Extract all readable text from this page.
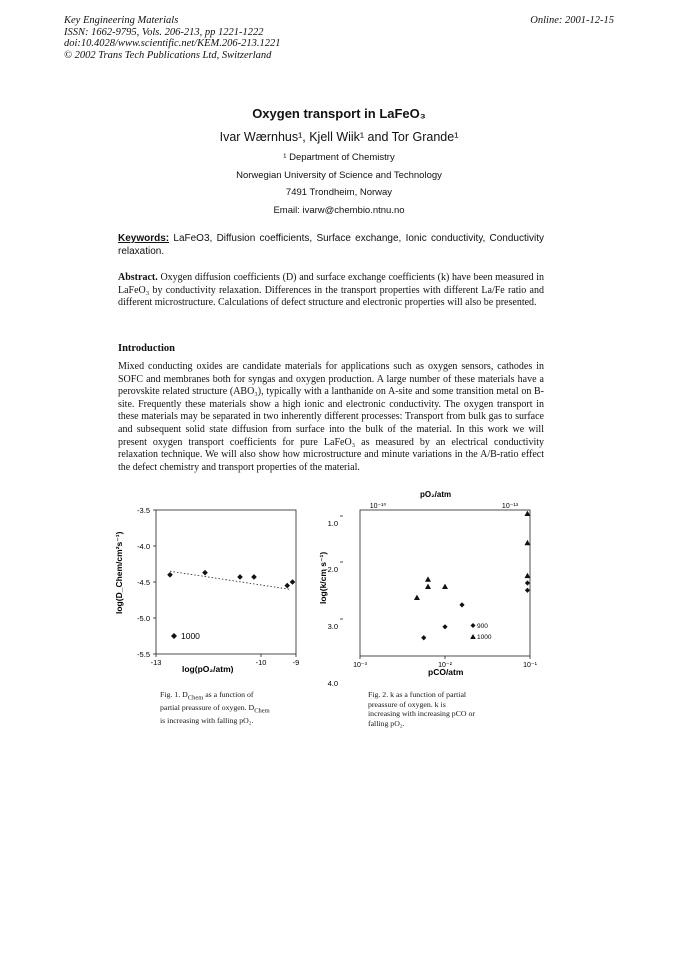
Key Engineering Materials
ISSN: 1662-9795, Vols. 206-213, pp 1221-1222
doi:10.4028/www.scientific.net/KEM.206-213.1221
© 2002 Trans Tech Publications Ltd, Switzerland
Online: 2001-12-15
Oxygen transport in LaFeO₃
Ivar Wærnhus¹, Kjell Wiik¹ and Tor Grande¹
¹ Department of Chemistry
Norwegian University of Science and Technology
7491 Trondheim, Norway
Email: ivarw@chembio.ntnu.no
Keywords: LaFeO3, Diffusion coefficients, Surface exchange, Ionic conductivity, Conductivity relaxation.
Abstract. Oxygen diffusion coefficients (D) and surface exchange coefficients (k) have been measured in LaFeO₃ by conductivity relaxation. Differences in the transport properties with different La/Fe ratio and different microstructure. Calculations of defect structure and electronic properties will also be presented.
Introduction
Mixed conducting oxides are candidate materials for applications such as oxygen sensors, cathodes in SOFC and membranes both for syngas and oxygen production. A large number of these materials have a perovskite related structure (ABO₃), typically with a lanthanide on A-site and some transition metal on B-site. Frequently these materials show a high ionic and electronic conductivity. The oxygen transport in these materials may be separated in two inherently different processes: Transport from bulk gas to surface and subsequent solid state diffusion from surface into the bulk of the material. In this work we will present oxygen transport coefficients for pure LaFeO₃ as measured by an electrical conductivity relaxation technique. We will also show how microstructure and minute variations in the A/B-ratio effect the defect chemistry and transport properties of the material.
-3.5
-4.0
-4.5
-5.0
-5.5
-13	-10	-9
1000
log(pO₂/atm)
log(D_Chem/cm²s⁻¹)
Fig. 1. $D_{Chem}$ as a function of
partial preassure of oxygen. $D_{Chem}$
is increasing with falling pO₂.
pO₂/atm
10⁻¹⁰	10⁻¹³
1.0
-2.0
3.0
4.0
10⁻³	10⁻²	10⁻¹
900
1000
pCO/atm
log(k/cm s⁻¹)
Fig. 2. k as a function of partial
preassure of oxygen. k is
increasing with increasing pCO or
falling pO₂.
